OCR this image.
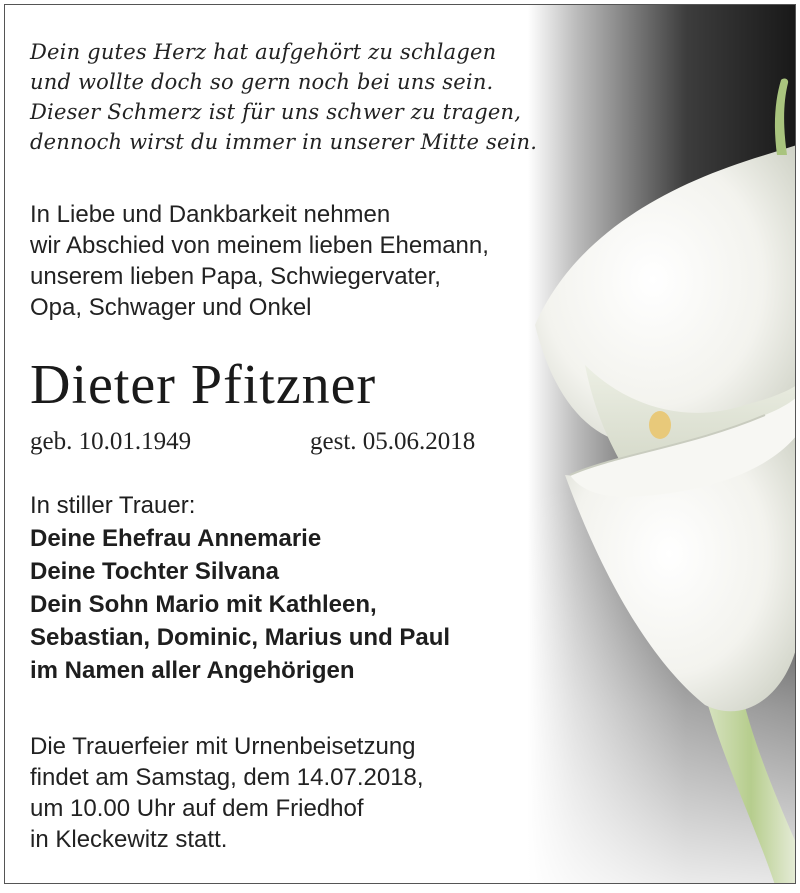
Dein gutes Herz hat aufgehört zu schlagen
und wollte doch so gern noch bei uns sein.
Dieser Schmerz ist für uns schwer zu tragen,
dennoch wirst du immer in unserer Mitte sein.

In Liebe und Dankbarkeit nehmen
wir Abschied von meinem lieben Ehemann,
unserem lieben Papa, Schwiegervater,
Opa, Schwager und Onkel

Dieter Pfitzner
geb. 10.01.1949	gest. 05.06.2018

In stiller Trauer:
Deine Ehefrau Annemarie
Deine Tochter Silvana
Dein Sohn Mario mit Kathleen,
Sebastian, Dominic, Marius und Paul
im Namen aller Angehörigen

Die Trauerfeier mit Urnenbeisetzung
findet am Samstag, dem 14.07.2018,
um 10.00 Uhr auf dem Friedhof
in Kleckewitz statt.
